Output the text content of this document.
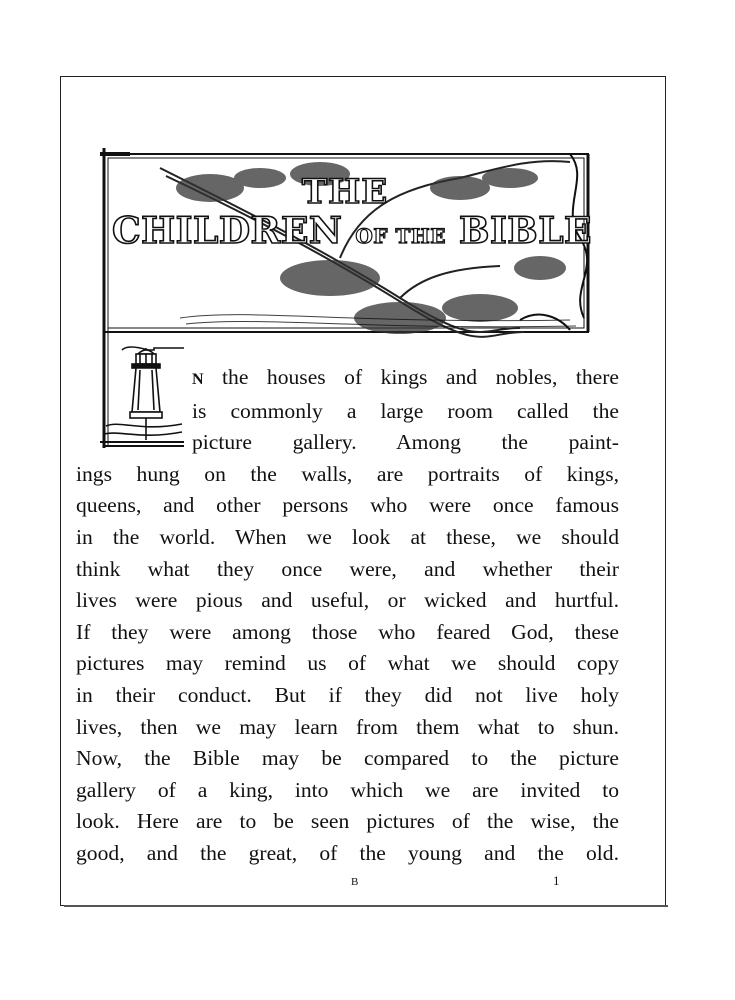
THE
CHILDREN OF THE BIBLE
N the houses of kings and nobles, there
is commonly a large room called the
picture gallery. Among the paint-
ings hung on the walls, are portraits of kings,
queens, and other persons who were once famous
in the world. When we look at these, we should
think what they once were, and whether their
lives were pious and useful, or wicked and hurtful.
If they were among those who feared God, these
pictures may remind us of what we should copy
in their conduct. But if they did not live holy
lives, then we may learn from them what to shun.
Now, the Bible may be compared to the picture
gallery of a king, into which we are invited to
look. Here are to be seen pictures of the wise, the
good, and the great, of the young and the old.
B	1
